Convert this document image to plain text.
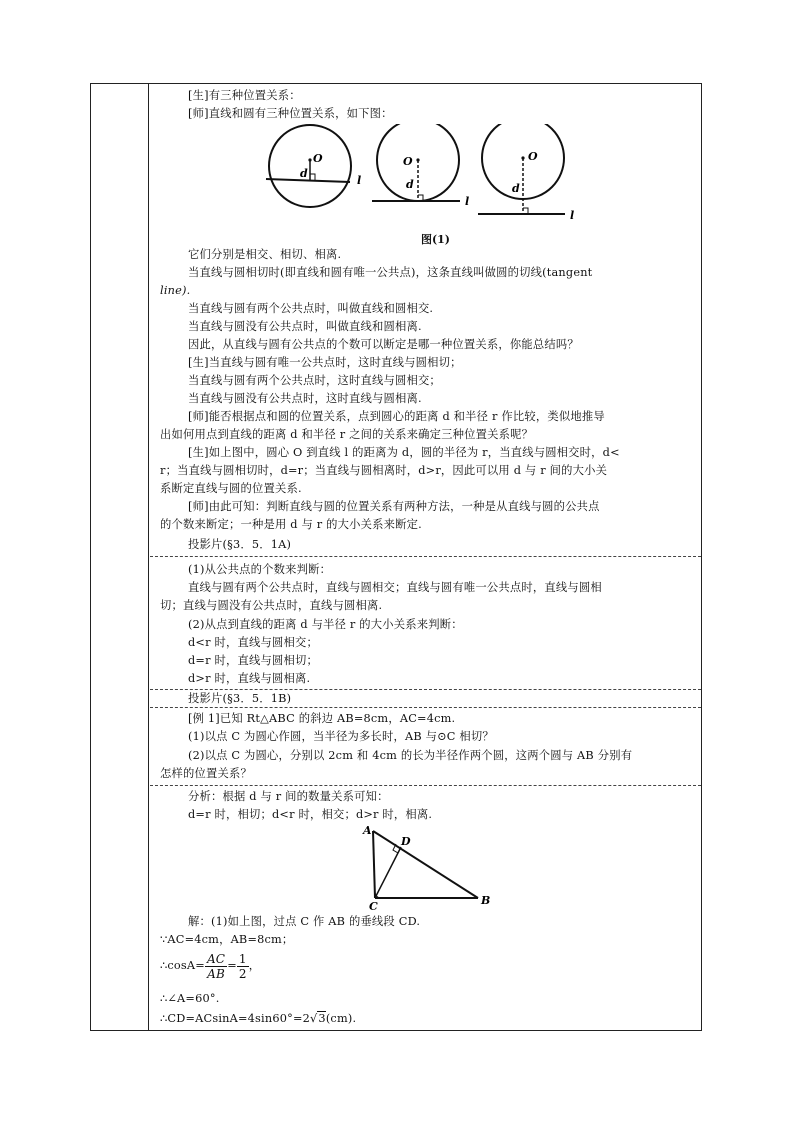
[生]有三种位置关系：
[师]直线和圆有三种位置关系，如下图：
O
d
l
O
d
l
O
d
l
图(1)
它们分别是相交、相切、相离.
当直线与圆相切时(即直线和圆有唯一公共点)，这条直线叫做圆的切线(tangent
line).
当直线与圆有两个公共点时，叫做直线和圆相交.
当直线与圆没有公共点时，叫做直线和圆相离.
因此，从直线与圆有公共点的个数可以断定是哪一种位置关系，你能总结吗？
[生]当直线与圆有唯一公共点时，这时直线与圆相切；
当直线与圆有两个公共点时，这时直线与圆相交；
当直线与圆没有公共点时，这时直线与圆相离.
[师]能否根据点和圆的位置关系，点到圆心的距离 d 和半径 r 作比较，类似地推导
出如何用点到直线的距离 d 和半径 r 之间的关系来确定三种位置关系呢？
[生]如上图中，圆心 O 到直线 l 的距离为 d，圆的半径为 r，当直线与圆相交时，d<
r；当直线与圆相切时，d=r；当直线与圆相离时，d>r，因此可以用 d 与 r 间的大小关
系断定直线与圆的位置关系.
[师]由此可知：判断直线与圆的位置关系有两种方法，一种是从直线与圆的公共点
的个数来断定；一种是用 d 与 r 的大小关系来断定.
投影片(§3．5．1A)
(1)从公共点的个数来判断：
直线与圆有两个公共点时，直线与圆相交；直线与圆有唯一公共点时，直线与圆相
切；直线与圆没有公共点时，直线与圆相离.
(2)从点到直线的距离 d 与半径 r 的大小关系来判断：
d<r 时，直线与圆相交；
d=r 时，直线与圆相切；
d>r 时，直线与圆相离.
投影片(§3．5．1B)
[例 1]已知 Rt△ABC 的斜边 AB=8cm，AC=4cm.
(1)以点 C 为圆心作圆，当半径为多长时，AB 与⊙C 相切？
(2)以点 C 为圆心，分别以 2cm 和 4cm 的长为半径作两个圆，这两个圆与 AB 分别有
怎样的位置关系？
分析：根据 d 与 r 间的数量关系可知：
d=r 时，相切；d<r 时，相交；d>r 时，相离.
A
D
C	B
解：(1)如上图，过点 C 作 AB 的垂线段 CD.
∵AC=4cm，AB=8cm；
∴cosA= $\frac{AC}{AB} = \frac{1}{2}$ ，
∴∠A=60°.
∴CD=ACsinA=4sin60°=2√3(cm).
